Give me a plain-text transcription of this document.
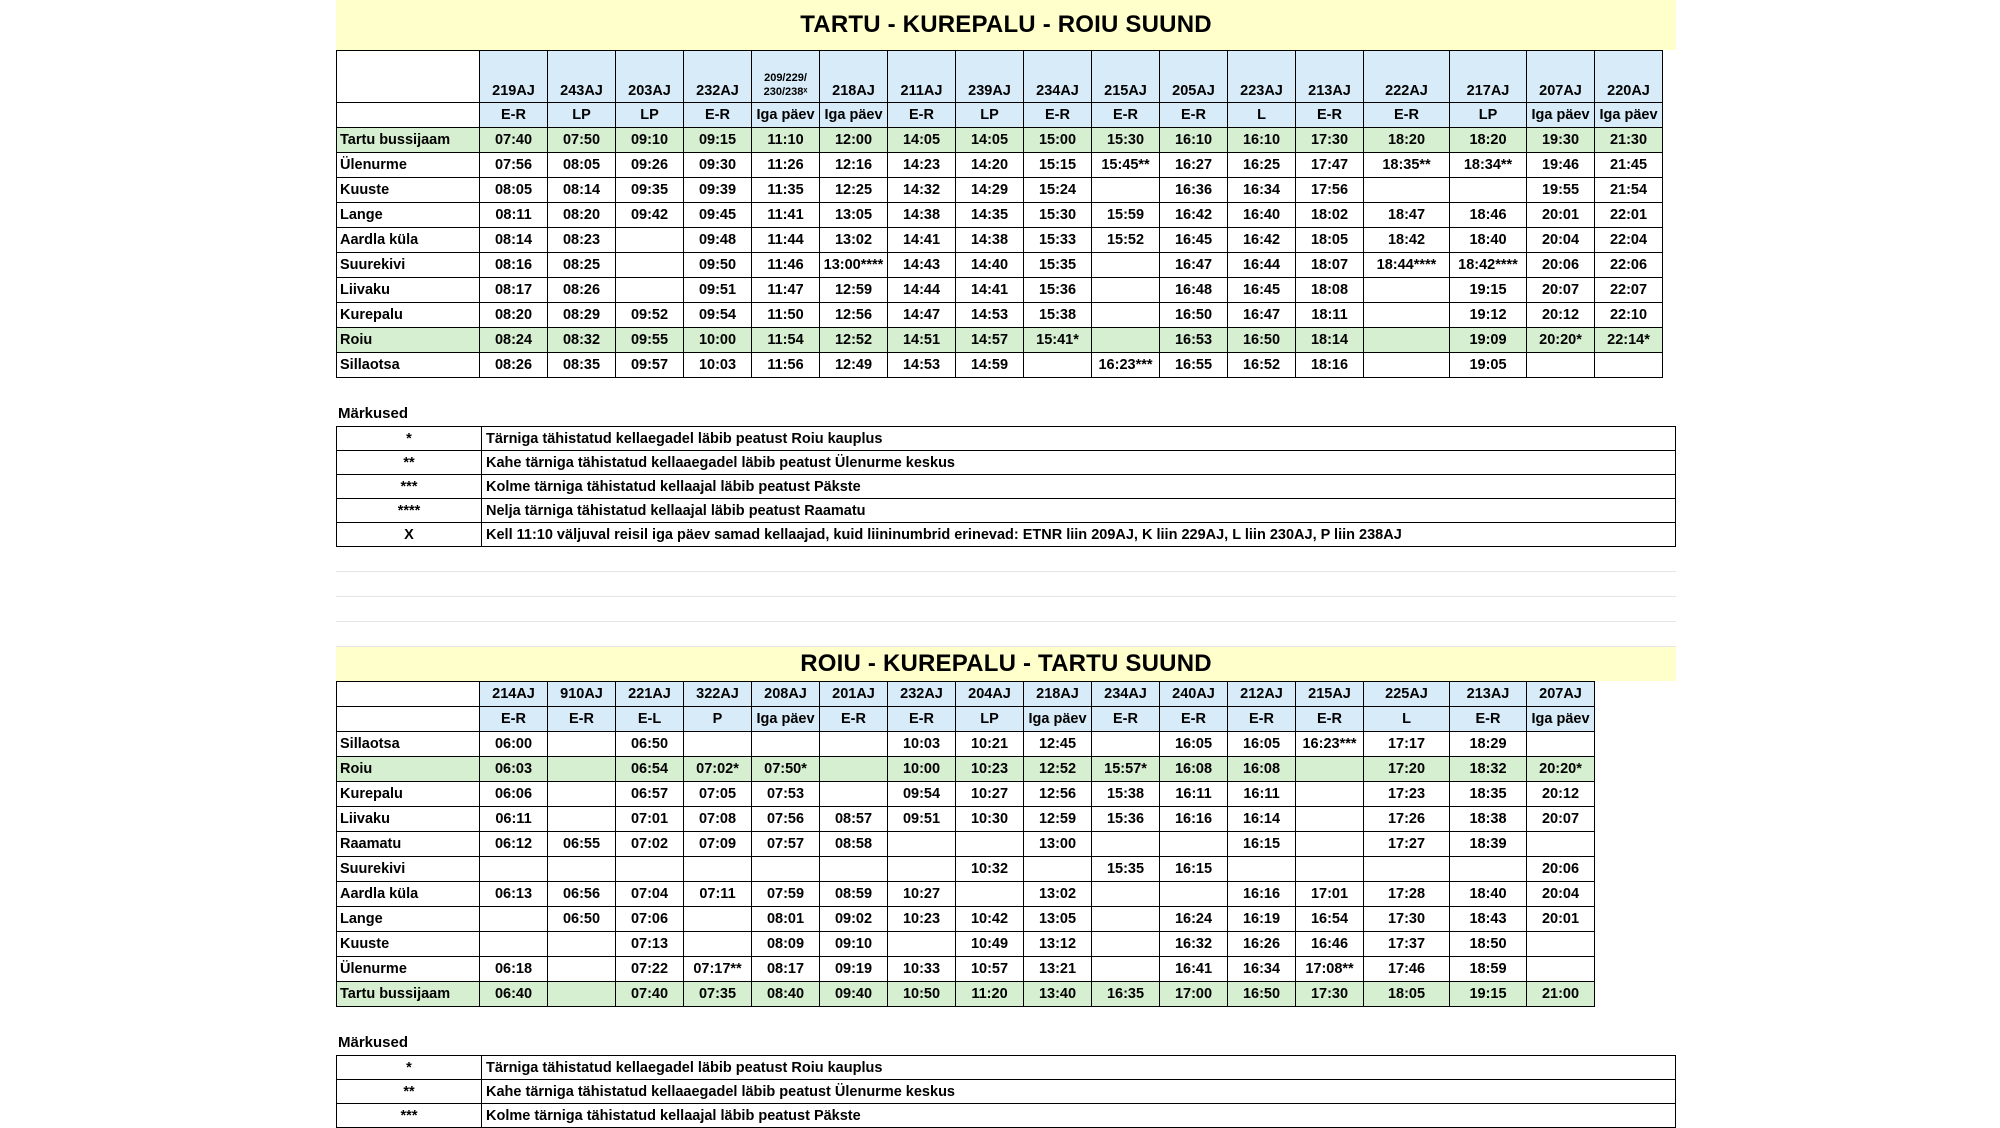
TARTU - KUREPALU - ROIU SUUND
	219AJ	243AJ	203AJ	232AJ	209/229/
230/238ˣ	218AJ	211AJ	239AJ	234AJ	215AJ	205AJ	223AJ	213AJ	222AJ	217AJ	207AJ	220AJ
	E-R	LP	LP	E-R	Iga päev	Iga päev	E-R	LP	E-R	E-R	E-R	L	E-R	E-R	LP	Iga päev	Iga päev
Tartu bussijaam	07:40	07:50	09:10	09:15	11:10	12:00	14:05	14:05	15:00	15:30	16:10	16:10	17:30	18:20	18:20	19:30	21:30
Ülenurme	07:56	08:05	09:26	09:30	11:26	12:16	14:23	14:20	15:15	15:45**	16:27	16:25	17:47	18:35**	18:34**	19:46	21:45
Kuuste	08:05	08:14	09:35	09:39	11:35	12:25	14:32	14:29	15:24		16:36	16:34	17:56			19:55	21:54
Lange	08:11	08:20	09:42	09:45	11:41	13:05	14:38	14:35	15:30	15:59	16:42	16:40	18:02	18:47	18:46	20:01	22:01
Aardla küla	08:14	08:23		09:48	11:44	13:02	14:41	14:38	15:33	15:52	16:45	16:42	18:05	18:42	18:40	20:04	22:04
Suurekivi	08:16	08:25		09:50	11:46	13:00****	14:43	14:40	15:35		16:47	16:44	18:07	18:44****	18:42****	20:06	22:06
Liivaku	08:17	08:26		09:51	11:47	12:59	14:44	14:41	15:36		16:48	16:45	18:08		19:15	20:07	22:07
Kurepalu	08:20	08:29	09:52	09:54	11:50	12:56	14:47	14:53	15:38		16:50	16:47	18:11		19:12	20:12	22:10
Roiu	08:24	08:32	09:55	10:00	11:54	12:52	14:51	14:57	15:41*		16:53	16:50	18:14		19:09	20:20*	22:14*
Sillaotsa	08:26	08:35	09:57	10:03	11:56	12:49	14:53	14:59		16:23***	16:55	16:52	18:16		19:05		
Märkused
*	Tärniga tähistatud kellaegadel läbib peatust Roiu kauplus
**	Kahe tärniga tähistatud kellaaegadel läbib peatust Ülenurme keskus
***	Kolme tärniga tähistatud kellaajal läbib peatust Päkste
****	Nelja tärniga tähistatud kellaajal läbib peatust Raamatu
X	Kell 11:10 väljuval reisil iga päev samad kellaajad, kuid liininumbrid erinevad: ETNR liin 209AJ, K liin 229AJ, L liin 230AJ, P liin 238AJ
ROIU - KUREPALU - TARTU SUUND
	214AJ	910AJ	221AJ	322AJ	208AJ	201AJ	232AJ	204AJ	218AJ	234AJ	240AJ	212AJ	215AJ	225AJ	213AJ	207AJ
	E-R	E-R	E-L	P	Iga päev	E-R	E-R	LP	Iga päev	E-R	E-R	E-R	E-R	L	E-R	Iga päev
Sillaotsa	06:00		06:50				10:03	10:21	12:45		16:05	16:05	16:23***	17:17	18:29	
Roiu	06:03		06:54	07:02*	07:50*		10:00	10:23	12:52	15:57*	16:08	16:08		17:20	18:32	20:20*
Kurepalu	06:06		06:57	07:05	07:53		09:54	10:27	12:56	15:38	16:11	16:11		17:23	18:35	20:12
Liivaku	06:11		07:01	07:08	07:56	08:57	09:51	10:30	12:59	15:36	16:16	16:14		17:26	18:38	20:07
Raamatu	06:12	06:55	07:02	07:09	07:57	08:58			13:00			16:15		17:27	18:39	
Suurekivi								10:32		15:35	16:15					20:06
Aardla küla	06:13	06:56	07:04	07:11	07:59	08:59	10:27		13:02			16:16	17:01	17:28	18:40	20:04
Lange		06:50	07:06		08:01	09:02	10:23	10:42	13:05		16:24	16:19	16:54	17:30	18:43	20:01
Kuuste			07:13		08:09	09:10		10:49	13:12		16:32	16:26	16:46	17:37	18:50	
Ülenurme	06:18		07:22	07:17**	08:17	09:19	10:33	10:57	13:21		16:41	16:34	17:08**	17:46	18:59	
Tartu bussijaam	06:40		07:40	07:35	08:40	09:40	10:50	11:20	13:40	16:35	17:00	16:50	17:30	18:05	19:15	21:00
Märkused
*	Tärniga tähistatud kellaegadel läbib peatust Roiu kauplus
**	Kahe tärniga tähistatud kellaaegadel läbib peatust Ülenurme keskus
***	Kolme tärniga tähistatud kellaajal läbib peatust Päkste
